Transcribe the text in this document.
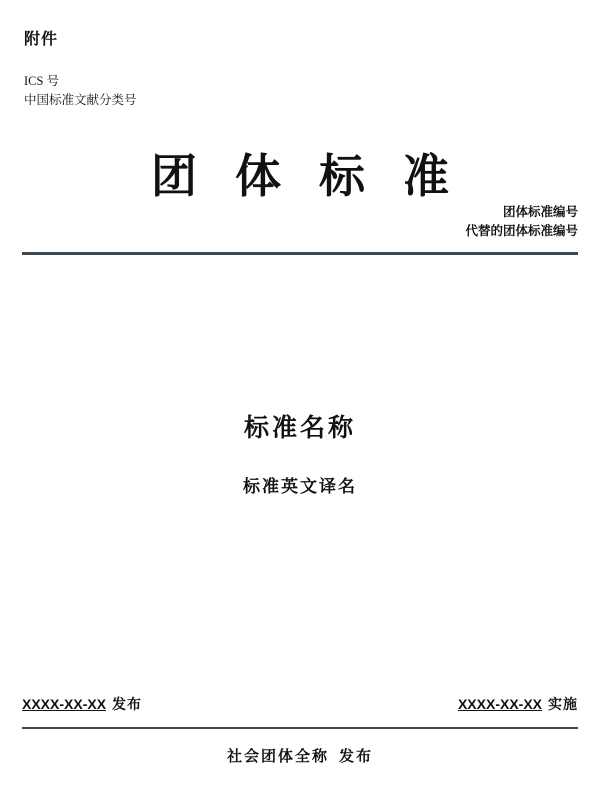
附件
ICS 号
中国标准文献分类号
团体标准
团体标准编号
代替的团体标准编号
标准名称
标准英文译名
XXXX-XX-XX 发布	XXXX-XX-XX 实施
社会团体全称 发布
